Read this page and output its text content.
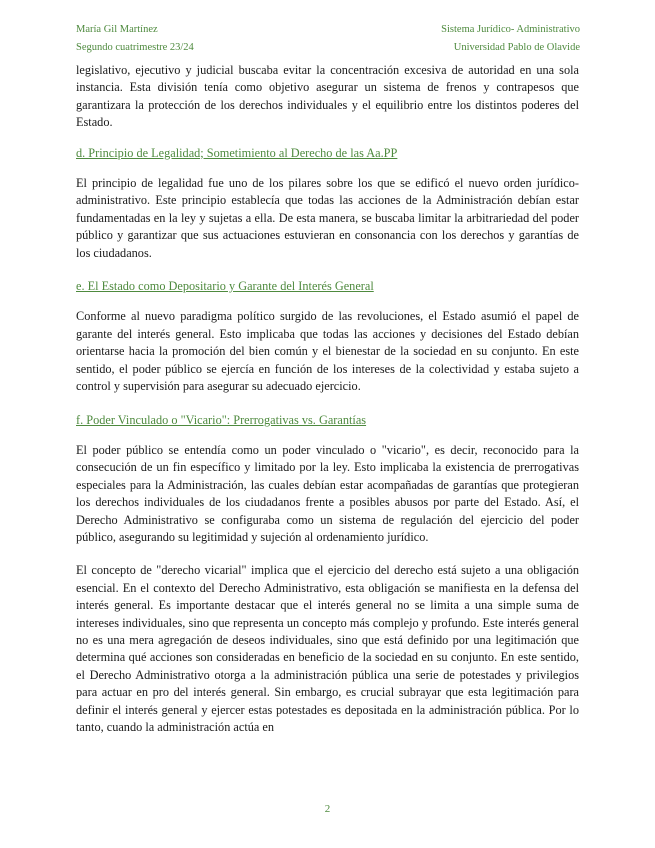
María Gil Martínez
Segundo cuatrimestre 23/24
Sistema Jurídico- Administrativo
Universidad Pablo de Olavide

legislativo, ejecutivo y judicial buscaba evitar la concentración excesiva de autoridad en una sola instancia. Esta división tenía como objetivo asegurar un sistema de frenos y contrapesos que garantizara la protección de los derechos individuales y el equilibrio entre los distintos poderes del Estado.

d. Principio de Legalidad; Sometimiento al Derecho de las Aa.PP

El principio de legalidad fue uno de los pilares sobre los que se edificó el nuevo orden jurídico-administrativo. Este principio establecía que todas las acciones de la Administración debían estar fundamentadas en la ley y sujetas a ella. De esta manera, se buscaba limitar la arbitrariedad del poder público y garantizar que sus actuaciones estuvieran en consonancia con los derechos y garantías de los ciudadanos.

e. El Estado como Depositario y Garante del Interés General

Conforme al nuevo paradigma político surgido de las revoluciones, el Estado asumió el papel de garante del interés general. Esto implicaba que todas las acciones y decisiones del Estado debían orientarse hacia la promoción del bien común y el bienestar de la sociedad en su conjunto. En este sentido, el poder público se ejercía en función de los intereses de la colectividad y estaba sujeto a control y supervisión para asegurar su adecuado ejercicio.

f. Poder Vinculado o "Vicario": Prerrogativas vs. Garantías

El poder público se entendía como un poder vinculado o "vicario", es decir, reconocido para la consecución de un fin específico y limitado por la ley. Esto implicaba la existencia de prerrogativas especiales para la Administración, las cuales debían estar acompañadas de garantías que protegieran los derechos individuales de los ciudadanos frente a posibles abusos por parte del Estado. Así, el Derecho Administrativo se configuraba como un sistema de regulación del ejercicio del poder público, asegurando su legitimidad y sujeción al ordenamiento jurídico.

El concepto de "derecho vicarial" implica que el ejercicio del derecho está sujeto a una obligación esencial. En el contexto del Derecho Administrativo, esta obligación se manifiesta en la defensa del interés general. Es importante destacar que el interés general no se limita a una simple suma de intereses individuales, sino que representa un concepto más complejo y profundo. Este interés general no es una mera agregación de deseos individuales, sino que está definido por una legitimación que determina qué acciones son consideradas en beneficio de la sociedad en su conjunto. En este sentido, el Derecho Administrativo otorga a la administración pública una serie de potestades y privilegios para actuar en pro del interés general. Sin embargo, es crucial subrayar que esta legitimación para definir el interés general y ejercer estas potestades es depositada en la administración pública. Por lo tanto, cuando la administración actúa en

2
